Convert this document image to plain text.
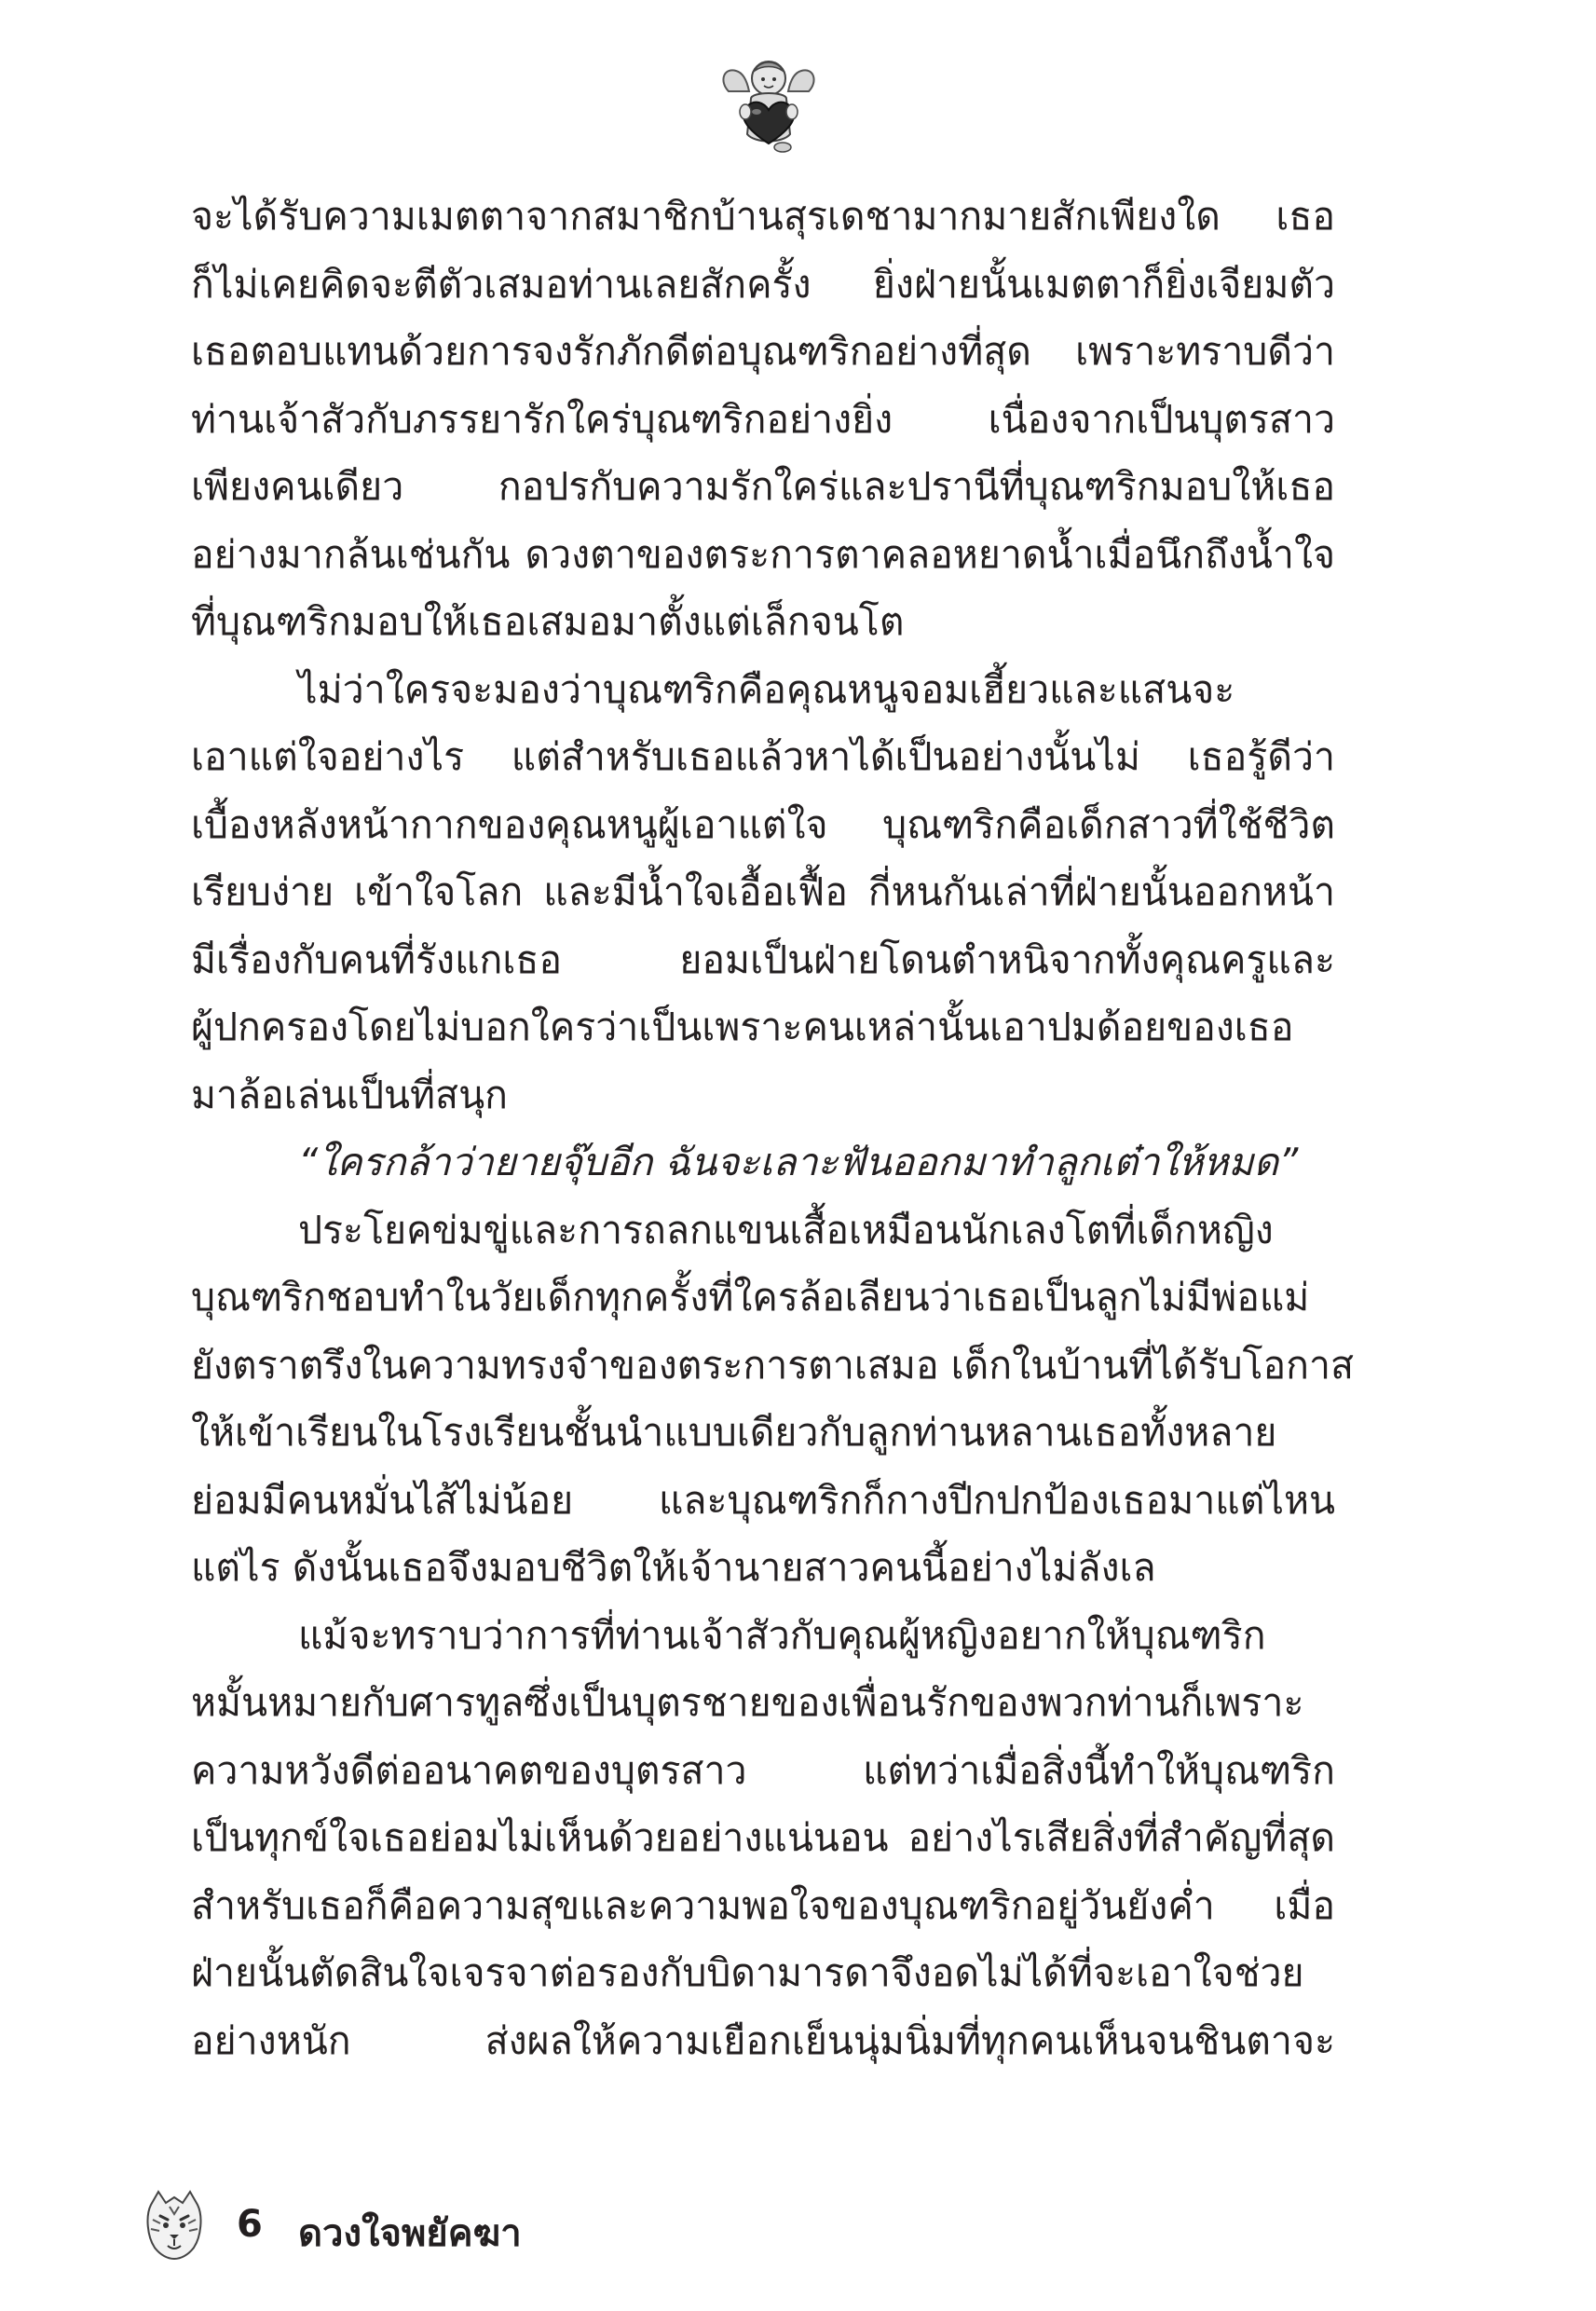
จะได้รับความเมตตาจากสมาชิกบ้านสุรเดชามากมายสักเพียงใด เธอ
ก็ไม่เคยคิดจะตีตัวเสมอท่านเลยสักครั้ง ยิ่งฝ่ายนั้นเมตตาก็ยิ่งเจียมตัว
เธอตอบแทนด้วยการจงรักภักดีต่อบุณฑริกอย่างที่สุด เพราะทราบดีว่า
ท่านเจ้าสัวกับภรรยารักใคร่บุณฑริกอย่างยิ่ง เนื่องจากเป็นบุตรสาว
เพียงคนเดียว กอปรกับความรักใคร่และปรานีที่บุณฑริกมอบให้เธอ
อย่างมากล้นเช่นกัน ดวงตาของตระการตาคลอหยาดน้ำเมื่อนึกถึงน้ำใจ
ที่บุณฑริกมอบให้เธอเสมอมาตั้งแต่เล็กจนโต
ไม่ว่าใครจะมองว่าบุณฑริกคือคุณหนูจอมเฮี้ยวและแสนจะ
เอาแต่ใจอย่างไร แต่สำหรับเธอแล้วหาได้เป็นอย่างนั้นไม่ เธอรู้ดีว่า
เบื้องหลังหน้ากากของคุณหนูผู้เอาแต่ใจ บุณฑริกคือเด็กสาวที่ใช้ชีวิต
เรียบง่าย เข้าใจโลก และมีน้ำใจเอื้อเฟื้อ กี่หนกันเล่าที่ฝ่ายนั้นออกหน้า
มีเรื่องกับคนที่รังแกเธอ ยอมเป็นฝ่ายโดนตำหนิจากทั้งคุณครูและ
ผู้ปกครองโดยไม่บอกใครว่าเป็นเพราะคนเหล่านั้นเอาปมด้อยของเธอ
มาล้อเล่นเป็นที่สนุก
“ใครกล้าว่ายายจุ๊บอีก ฉันจะเลาะฟันออกมาทำลูกเต๋าให้หมด”
ประโยคข่มขู่และการถลกแขนเสื้อเหมือนนักเลงโตที่เด็กหญิง
บุณฑริกชอบทำในวัยเด็กทุกครั้งที่ใครล้อเลียนว่าเธอเป็นลูกไม่มีพ่อแม่
ยังตราตรึงในความทรงจำของตระการตาเสมอ เด็กในบ้านที่ได้รับโอกาส
ให้เข้าเรียนในโรงเรียนชั้นนำแบบเดียวกับลูกท่านหลานเธอทั้งหลาย
ย่อมมีคนหมั่นไส้ไม่น้อย และบุณฑริกก็กางปีกปกป้องเธอมาแต่ไหน
แต่ไร ดังนั้นเธอจึงมอบชีวิตให้เจ้านายสาวคนนี้อย่างไม่ลังเล
แม้จะทราบว่าการที่ท่านเจ้าสัวกับคุณผู้หญิงอยากให้บุณฑริก
หมั้นหมายกับศารทูลซึ่งเป็นบุตรชายของเพื่อนรักของพวกท่านก็เพราะ
ความหวังดีต่ออนาคตของบุตรสาว แต่ทว่าเมื่อสิ่งนี้ทำให้บุณฑริก
เป็นทุกข์ใจเธอย่อมไม่เห็นด้วยอย่างแน่นอน อย่างไรเสียสิ่งที่สำคัญที่สุด
สำหรับเธอก็คือความสุขและความพอใจของบุณฑริกอยู่วันยังค่ำ เมื่อ
ฝ่ายนั้นตัดสินใจเจรจาต่อรองกับบิดามารดาจึงอดไม่ได้ที่จะเอาใจช่วย
อย่างหนัก ส่งผลให้ความเยือกเย็นนุ่มนิ่มที่ทุกคนเห็นจนชินตาจะ
6 ดวงใจพยัคฆา
